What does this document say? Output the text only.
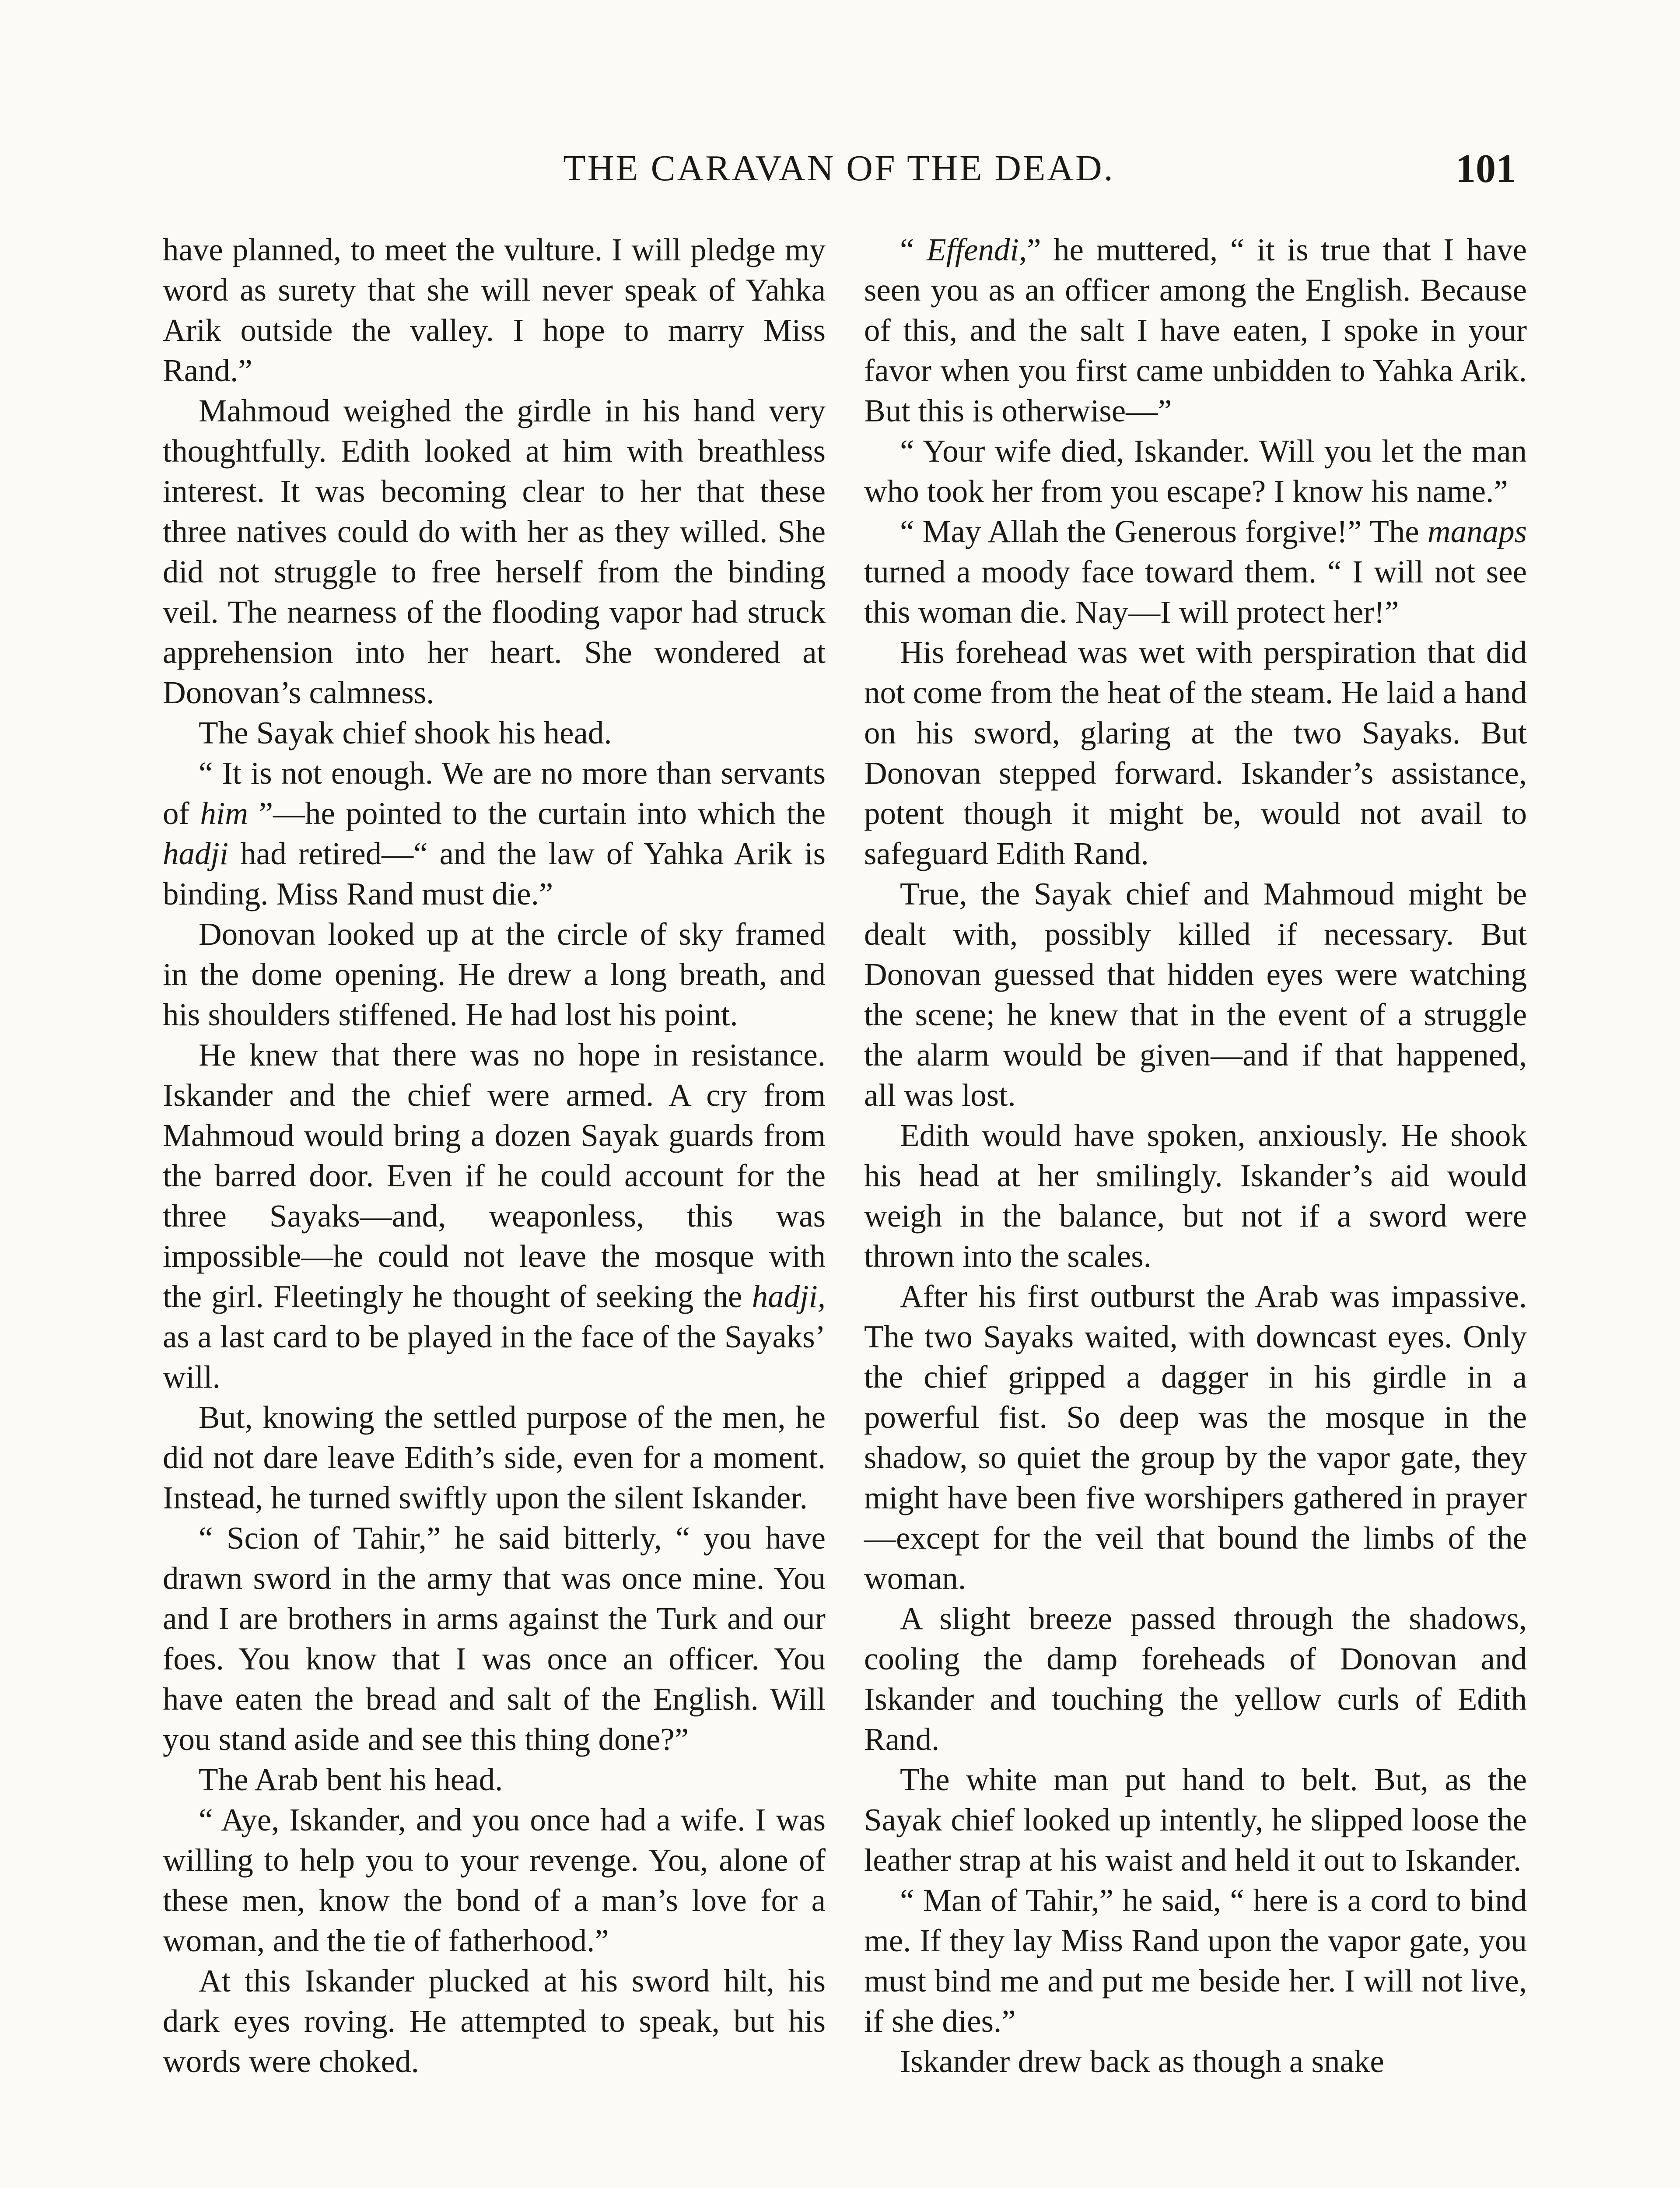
THE CARAVAN OF THE DEAD.	101

have planned, to meet the vulture. I will pledge my word as surety that she will never speak of Yahka Arik outside the valley. I hope to marry Miss Rand.”

Mahmoud weighed the girdle in his hand very thoughtfully. Edith looked at him with breathless interest. It was becoming clear to her that these three natives could do with her as they willed. She did not struggle to free herself from the binding veil. The nearness of the flooding vapor had struck apprehension into her heart. She wondered at Donovan’s calmness.

The Sayak chief shook his head.

“ It is not enough. We are no more than servants of him ”—he pointed to the curtain into which the hadji had retired—“ and the law of Yahka Arik is binding. Miss Rand must die.”

Donovan looked up at the circle of sky framed in the dome opening. He drew a long breath, and his shoulders stiffened. He had lost his point.

He knew that there was no hope in resistance. Iskander and the chief were armed. A cry from Mahmoud would bring a dozen Sayak guards from the barred door. Even if he could account for the three Sayaks—and, weaponless, this was impossible—he could not leave the mosque with the girl. Fleetingly he thought of seeking the hadji, as a last card to be played in the face of the Sayaks’ will.

But, knowing the settled purpose of the men, he did not dare leave Edith’s side, even for a moment. Instead, he turned swiftly upon the silent Iskander.

“ Scion of Tahir,” he said bitterly, “ you have drawn sword in the army that was once mine. You and I are brothers in arms against the Turk and our foes. You know that I was once an officer. You have eaten the bread and salt of the English. Will you stand aside and see this thing done?”

The Arab bent his head.

“ Aye, Iskander, and you once had a wife. I was willing to help you to your revenge. You, alone of these men, know the bond of a man’s love for a woman, and the tie of fatherhood.”

At this Iskander plucked at his sword hilt, his dark eyes roving. He attempted to speak, but his words were choked.

“ Effendi,” he muttered, “ it is true that I have seen you as an officer among the English. Because of this, and the salt I have eaten, I spoke in your favor when you first came unbidden to Yahka Arik. But this is otherwise—”

“ Your wife died, Iskander. Will you let the man who took her from you escape? I know his name.”

“ May Allah the Generous forgive!” The manaps turned a moody face toward them. “ I will not see this woman die. Nay—I will protect her!”

His forehead was wet with perspiration that did not come from the heat of the steam. He laid a hand on his sword, glaring at the two Sayaks. But Donovan stepped forward. Iskander’s assistance, potent though it might be, would not avail to safeguard Edith Rand.

True, the Sayak chief and Mahmoud might be dealt with, possibly killed if necessary. But Donovan guessed that hidden eyes were watching the scene; he knew that in the event of a struggle the alarm would be given—and if that happened, all was lost.

Edith would have spoken, anxiously. He shook his head at her smilingly. Iskander’s aid would weigh in the balance, but not if a sword were thrown into the scales.

After his first outburst the Arab was impassive. The two Sayaks waited, with downcast eyes. Only the chief gripped a dagger in his girdle in a powerful fist. So deep was the mosque in the shadow, so quiet the group by the vapor gate, they might have been five worshipers gathered in prayer—except for the veil that bound the limbs of the woman.

A slight breeze passed through the shadows, cooling the damp foreheads of Donovan and Iskander and touching the yellow curls of Edith Rand.

The white man put hand to belt. But, as the Sayak chief looked up intently, he slipped loose the leather strap at his waist and held it out to Iskander.

“ Man of Tahir,” he said, “ here is a cord to bind me. If they lay Miss Rand upon the vapor gate, you must bind me and put me beside her. I will not live, if she dies.”

Iskander drew back as though a snake
